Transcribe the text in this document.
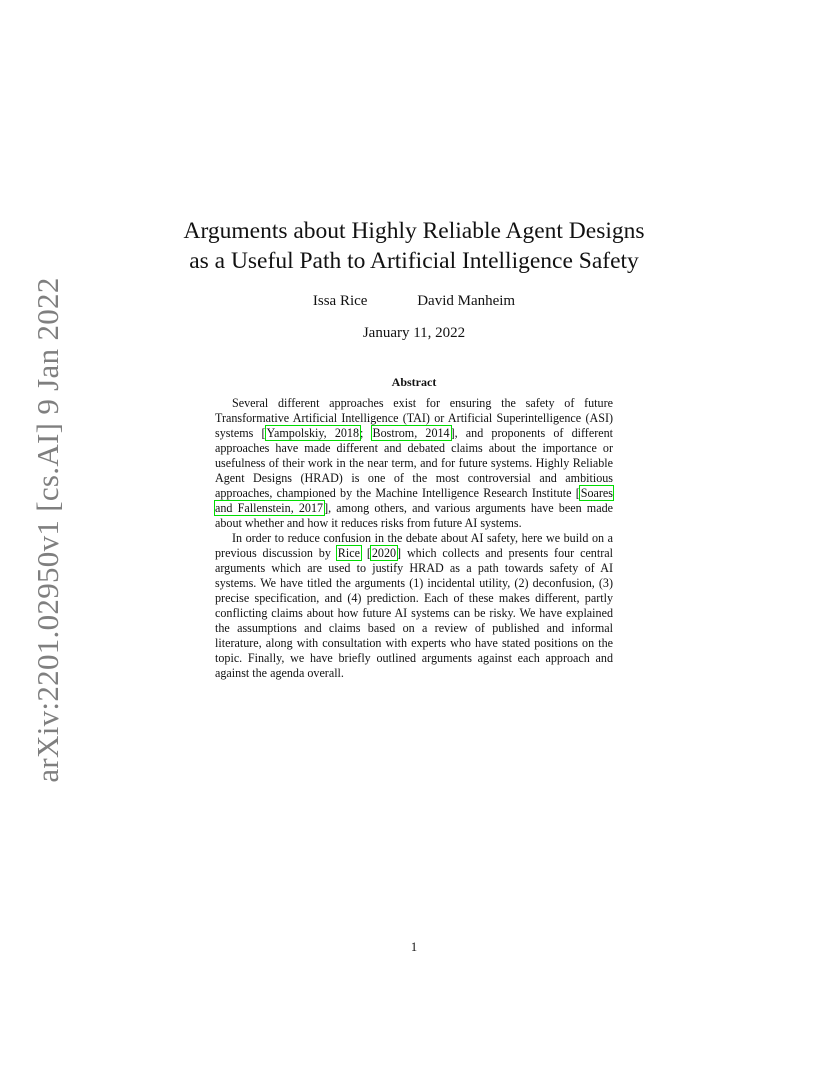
arXiv:2201.02950v1 [cs.AI] 9 Jan 2022
Arguments about Highly Reliable Agent Designs
as a Useful Path to Artificial Intelligence Safety
Issa Rice	David Manheim
January 11, 2022
Abstract

Several different approaches exist for ensuring the safety of future Transformative Artificial Intelligence (TAI) or Artificial Superintelligence (ASI) systems [Yampolskiy, 2018; Bostrom, 2014], and proponents of different approaches have made different and debated claims about the importance or usefulness of their work in the near term, and for future systems. Highly Reliable Agent Designs (HRAD) is one of the most controversial and ambitious approaches, championed by the Machine Intelligence Research Institute [Soares and Fallenstein, 2017], among others, and various arguments have been made about whether and how it reduces risks from future AI systems.

In order to reduce confusion in the debate about AI safety, here we build on a previous discussion by Rice [2020] which collects and presents four central arguments which are used to justify HRAD as a path towards safety of AI systems. We have titled the arguments (1) incidental utility, (2) deconfusion, (3) precise specification, and (4) prediction. Each of these makes different, partly conflicting claims about how future AI systems can be risky. We have explained the assumptions and claims based on a review of published and informal literature, along with consultation with experts who have stated positions on the topic. Finally, we have briefly outlined arguments against each approach and against the agenda overall.

1
